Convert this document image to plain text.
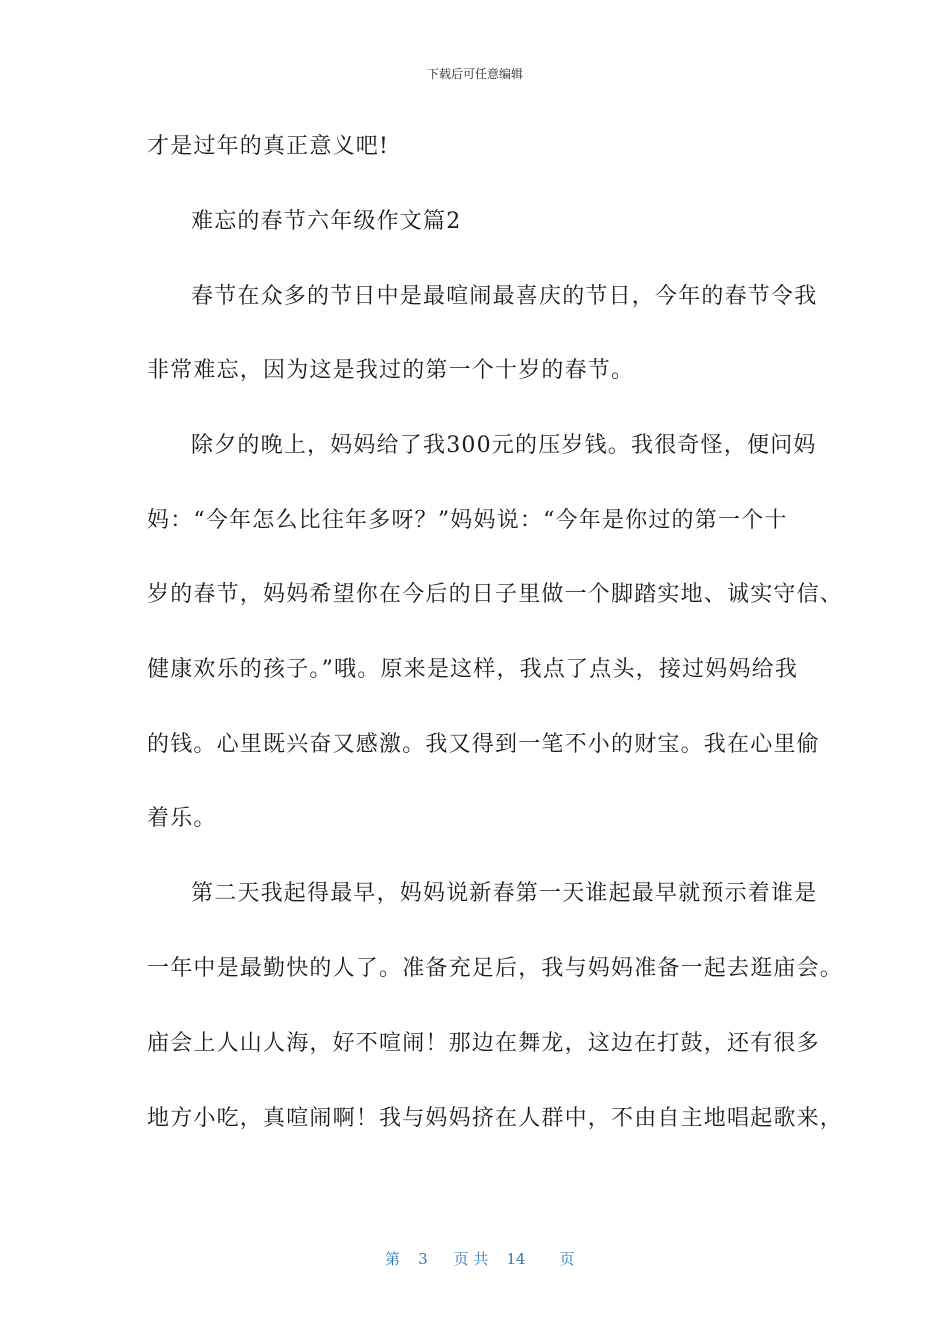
下载后可任意编辑
才是过年的真正意义吧!
难忘的春节六年级作文篇2
春节在众多的节日中是最喧闹最喜庆的节日，今年的春节令我
非常难忘，因为这是我过的第一个十岁的春节。
除夕的晚上，妈妈给了我300元的压岁钱。我很奇怪，便问妈
妈：“今年怎么比往年多呀？”妈妈说：“今年是你过的第一个十
岁的春节，妈妈希望你在今后的日子里做一个脚踏实地、诚实守信、
健康欢乐的孩子。”哦。原来是这样，我点了点头，接过妈妈给我
的钱。心里既兴奋又感激。我又得到一笔不小的财宝。我在心里偷
着乐。
第二天我起得最早，妈妈说新春第一天谁起最早就预示着谁是
一年中是最勤快的人了。准备充足后，我与妈妈准备一起去逛庙会。
庙会上人山人海，好不喧闹！那边在舞龙，这边在打鼓，还有很多
地方小吃，真喧闹啊！我与妈妈挤在人群中，不由自主地唱起歌来，

第 3 页 共 14 页
